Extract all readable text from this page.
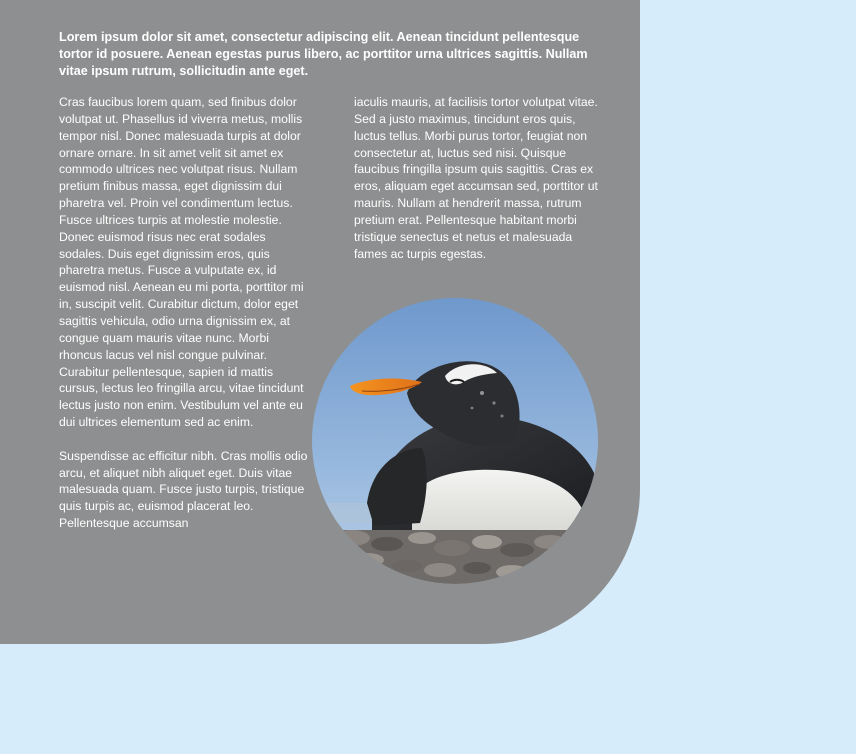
Lorem ipsum dolor sit amet, consectetur adipiscing elit. Aenean tincidunt pellentesque tortor id posuere. Aenean egestas purus libero, ac porttitor urna ultrices sagittis. Nullam vitae ipsum rutrum, sollicitudin ante eget.

Cras faucibus lorem quam, sed finibus dolor volutpat ut. Phasellus id viverra metus, mollis tempor nisl. Donec malesuada turpis at dolor ornare ornare. In sit amet velit sit amet ex commodo ultrices nec volutpat risus. Nullam pretium finibus massa, eget dignissim dui pharetra vel. Proin vel condimentum lectus. Fusce ultrices turpis at molestie molestie. Donec euismod risus nec erat sodales sodales. Duis eget dignissim eros, quis pharetra metus. Fusce a vulputate ex, id euismod nisl. Aenean eu mi porta, porttitor mi in, suscipit velit. Curabitur dictum, dolor eget sagittis vehicula, odio urna dignissim ex, at congue quam mauris vitae nunc. Morbi rhoncus lacus vel nisl congue pulvinar. Curabitur pellentesque, sapien id mattis cursus, lectus leo fringilla arcu, vitae tincidunt lectus justo non enim. Vestibulum vel ante eu dui ultrices elementum sed ac enim.

Suspendisse ac efficitur nibh. Cras mollis odio arcu, et aliquet nibh aliquet eget. Duis vitae malesuada quam. Fusce justo turpis, tristique quis turpis ac, euismod placerat leo. Pellentesque accumsan

iaculis mauris, at facilisis tortor volutpat vitae. Sed a justo maximus, tincidunt eros quis, luctus tellus. Morbi purus tortor, feugiat non consectetur at, luctus sed nisi. Quisque faucibus fringilla ipsum quis sagittis. Cras ex eros, aliquam eget accumsan sed, porttitor ut mauris. Nullam at hendrerit massa, rutrum pretium erat. Pellentesque habitant morbi tristique senectus et netus et malesuada fames ac turpis egestas.
